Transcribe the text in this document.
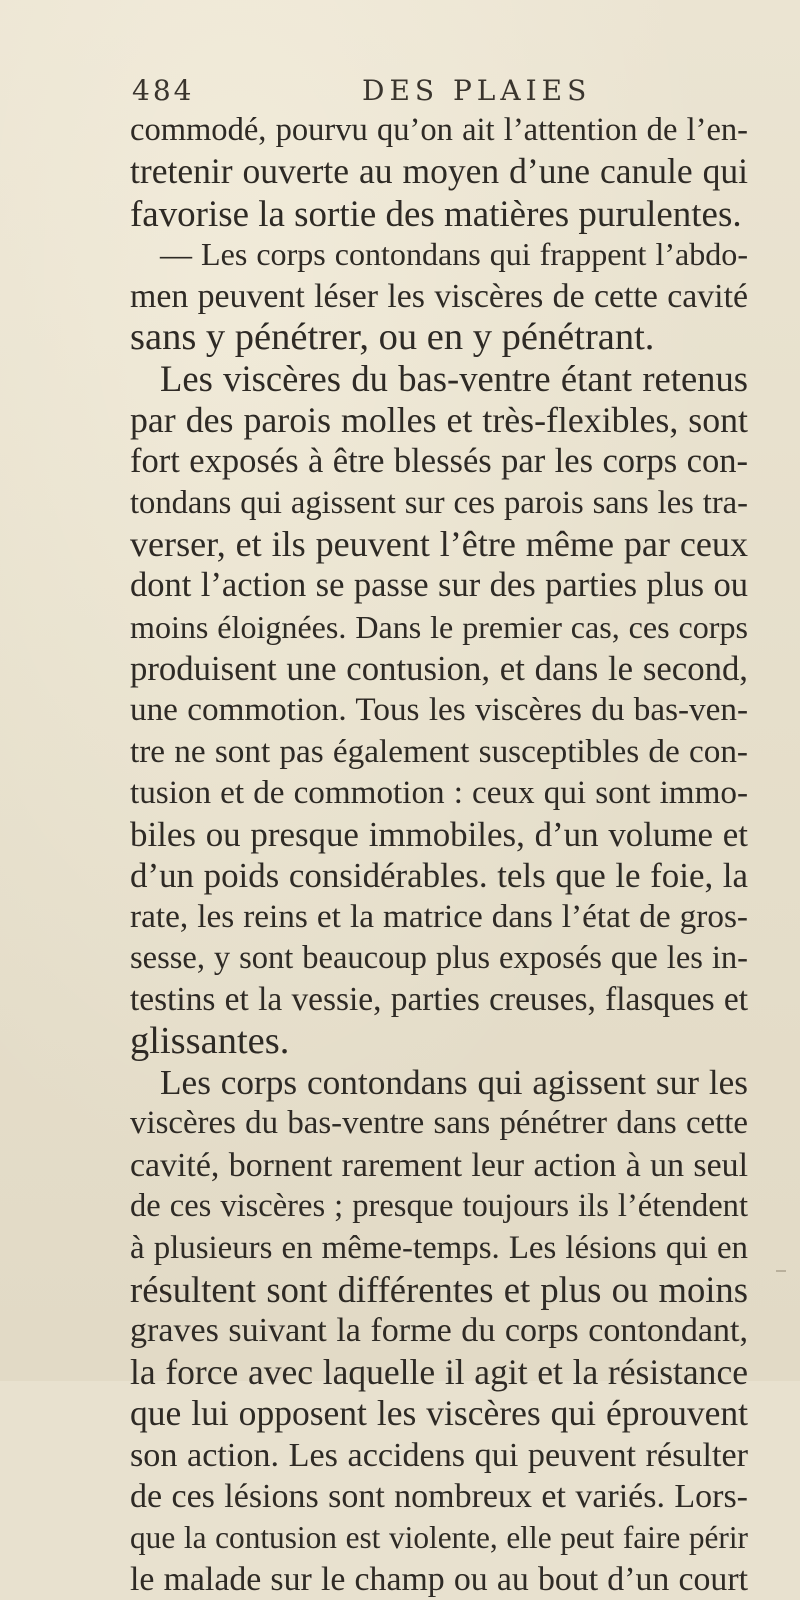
484	DES PLAIES
commodé, pourvu qu’on ait l’attention de l’en-
tretenir ouverte au moyen d’une canule qui
favorise la sortie des matières purulentes.
— Les corps contondans qui frappent l’abdo-
men peuvent léser les viscères de cette cavité
sans y pénétrer, ou en y pénétrant.
Les viscères du bas-ventre étant retenus
par des parois molles et très-flexibles, sont
fort exposés à être blessés par les corps con-
tondans qui agissent sur ces parois sans les tra-
verser, et ils peuvent l’être même par ceux
dont l’action se passe sur des parties plus ou
moins éloignées. Dans le premier cas, ces corps
produisent une contusion, et dans le second,
une commotion. Tous les viscères du bas-ven-
tre ne sont pas également susceptibles de con-
tusion et de commotion : ceux qui sont immo-
biles ou presque immobiles, d’un volume et
d’un poids considérables. tels que le foie, la
rate, les reins et la matrice dans l’état de gros-
sesse, y sont beaucoup plus exposés que les in-
testins et la vessie, parties creuses, flasques et
glissantes.
Les corps contondans qui agissent sur les
viscères du bas-ventre sans pénétrer dans cette
cavité, bornent rarement leur action à un seul
de ces viscères ; presque toujours ils l’étendent
à plusieurs en même-temps. Les lésions qui en
résultent sont différentes et plus ou moins
graves suivant la forme du corps contondant,
la force avec laquelle il agit et la résistance
que lui opposent les viscères qui éprouvent
son action. Les accidens qui peuvent résulter
de ces lésions sont nombreux et variés. Lors-
que la contusion est violente, elle peut faire périr
le malade sur le champ ou au bout d’un court
